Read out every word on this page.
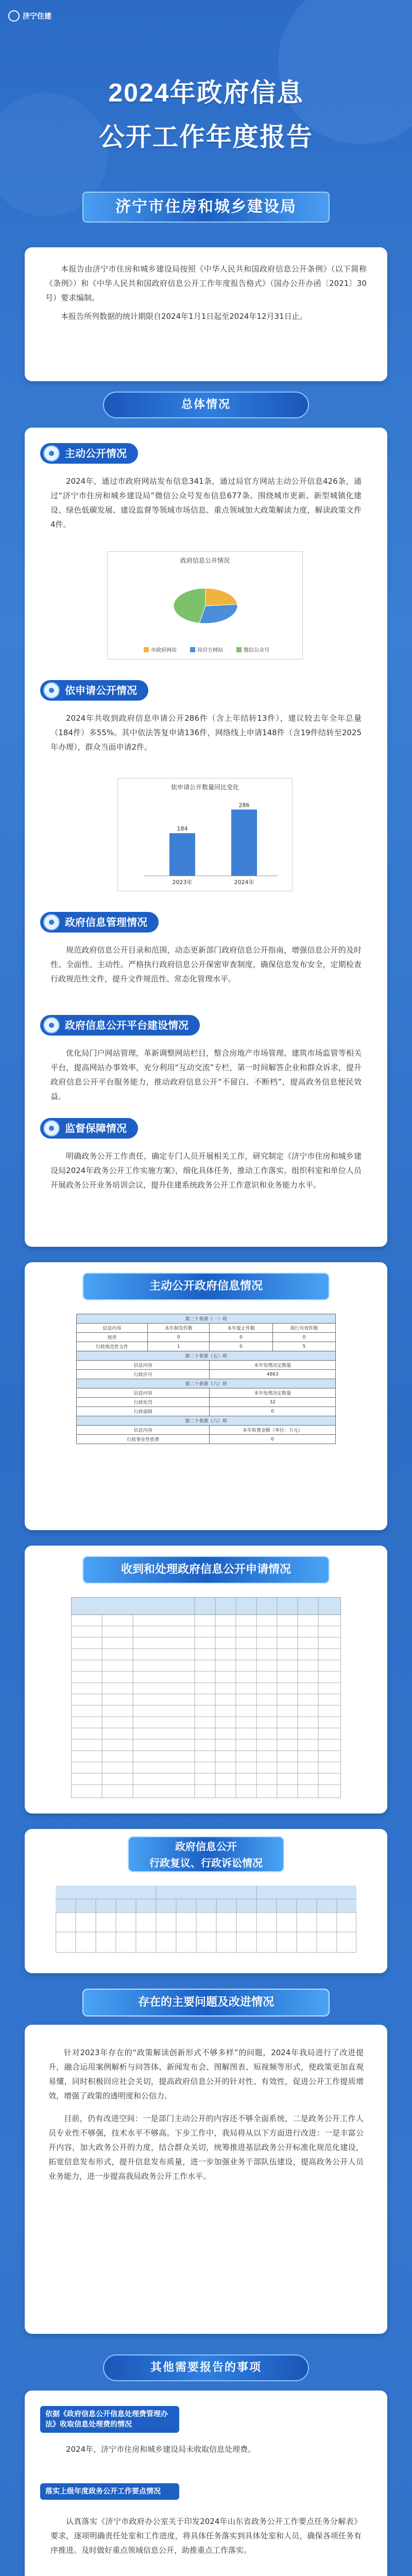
济宁住建
2024年政府信息
公开工作年度报告
济宁市住房和城乡建设局

本报告由济宁市住房和城乡建设局按照《中华人民共和国政府信息公开条例》（以下简称《条例》）和《中华人民共和国政府信息公开工作年度报告格式》（国办公开办函〔2021〕30号）要求编制。

本报告所列数据的统计期限自2024年1月1日起至2024年12月31日止。

总体情况
主动公开情况

2024年，通过市政府网站发布信息341条，通过局官方网站主动公开信息426条，通过“济宁市住房和城乡建设局”微信公众号发布信息677条。围绕城市更新、新型城镇化建设、绿色低碳发展、建设监督等领域市场信息、重点领域加大政策解读力度，解读政策文件4件。

政府信息公开情况
市政府网站	局官方网站	微信公众号
依申请公开情况

2024年共收到政府信息申请公开286件（含上年结转13件），建议较去年全年总量（184件）多55%。其中依法答复申请136件，网络线上申请148件（含19件结转至2025年办理），群众当面申请2件。

依申请公开数量同比变化
184
2023年
286
2024年
政府信息管理情况

规范政府信息公开目录和范围，动态更新部门政府信息公开指南，增强信息公开的及时性、全面性、主动性。严格执行政府信息公开保密审查制度，确保信息发布安全，定期检查行政规范性文件，提升文件规范性、常态化管理水平。

政府信息公开平台建设情况

优化局门户网站管理，革新调整网站栏目，整合房地产市场管理、建筑市场监管等相关平台，提高网站办事效率，充分利用“互动交流”专栏，第一时间解答企业和群众诉求，提升政府信息公开平台服务能力，推动政府信息公开“不留白、不断档”，提高政务信息便民效益。

监督保障情况

明确政务公开工作责任，确定专门人员开展相关工作，研究制定《济宁市住房和城乡建设局2024年政务公开工作实施方案》，细化具体任务，推动工作落实。组织科室和单位人员开展政务公开业务培训会议，提升住建系统政务公开工作意识和业务能力水平。

主动公开政府信息情况
第二十条第（一）项			
信息内容	本年制发件数	本年废止件数	现行有效件数
规章	0	0	0
行政规范性文件	1	0	5
第二十条第（五）项			
信息内容		本年处理决定数量	
行政许可		4863	
第二十条第（六）项			
信息内容		本年处理决定数量	
行政处罚		32	
行政强制		0	
第二十条第（八）项			
信息内容		本年收费金额（单位：万元）	
行政事业性收费		0	
收到和处理政府信息公开申请情况
政府信息公开
行政复议、行政诉讼情况
存在的主要问题及改进情况

针对2023年存在的“政策解读创新形式不够多样”的问题，2024年我局进行了改进提升，融合运用案例解析与问答体、新闻发布会、图解图表、短视频等形式，使政策更加直观易懂，同时积极回应社会关切，提高政府信息公开的针对性、有效性，促进公开工作提质增效，增强了政策的透明度和公信力。

目前，仍有改进空间：一是部门主动公开的内容还不够全面系统，二是政务公开工作人员专业性不够强，技术水平不够高。下步工作中，我局将从以下方面进行改进：一是丰富公开内容，加大政务公开的力度，结合群众关切，统筹推进基层政务公开标准化规范化建设，拓宽信息发布形式，提升信息发布质量，进一步加强业务干部队伍建设，提高政务公开人员业务能力，进一步提高我局政务公开工作水平。

其他需要报告的事项
依据《政府信息公开信息处理费管理办法》收取信息处理费的情况

2024年，济宁市住房和城乡建设局未收取信息处理费。

落实上级年度政务公开工作要点情况

认真落实《济宁市政府办公室关于印发2024年山东省政务公开工作要点任务分解表》要求，逐项明确责任处室和工作进度，将具体任务落实到具体处室和人员，确保各项任务有序推进。及时做好重点领域信息公开，助推重点工作落实。
